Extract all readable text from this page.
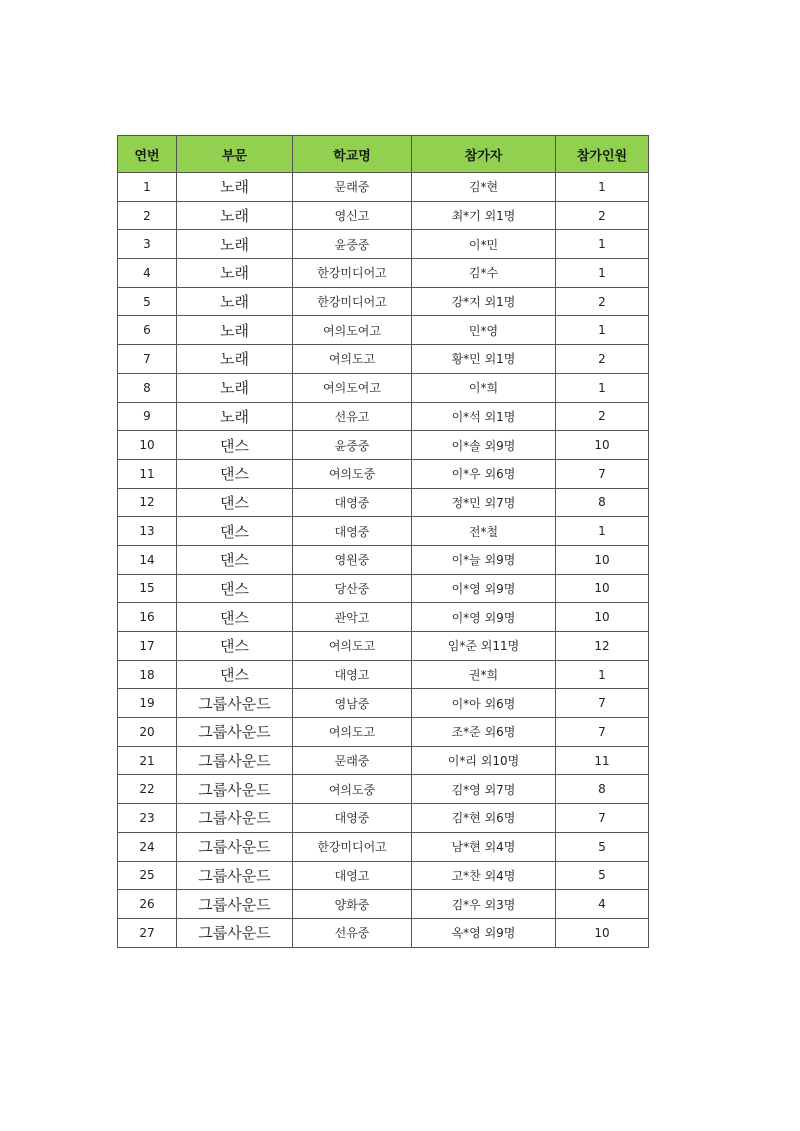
연번	부문	학교명	참가자	참가인원
1	노래	문래중	김*현	1
2	노래	영신고	최*기 외1명	2
3	노래	윤중중	이*민	1
4	노래	한강미디어고	김*수	1
5	노래	한강미디어고	강*지 외1명	2
6	노래	여의도여고	민*영	1
7	노래	여의도고	황*민 외1명	2
8	노래	여의도여고	이*희	1
9	노래	선유고	이*석 외1명	2
10	댄스	윤중중	이*솔 외9명	10
11	댄스	여의도중	이*우 외6명	7
12	댄스	대영중	정*민 외7명	8
13	댄스	대영중	전*철	1
14	댄스	영원중	이*늘 외9명	10
15	댄스	당산중	이*영 외9명	10
16	댄스	관악고	이*영 외9명	10
17	댄스	여의도고	임*준 외11명	12
18	댄스	대영고	권*희	1
19	그룹사운드	영남중	이*아 외6명	7
20	그룹사운드	여의도고	조*준 외6명	7
21	그룹사운드	문래중	이*리 외10명	11
22	그룹사운드	여의도중	김*영 외7명	8
23	그룹사운드	대영중	김*현 외6명	7
24	그룹사운드	한강미디어고	남*현 외4명	5
25	그룹사운드	대영고	고*찬 외4명	5
26	그룹사운드	양화중	김*우 외3명	4
27	그룹사운드	선유중	옥*영 외9명	10
